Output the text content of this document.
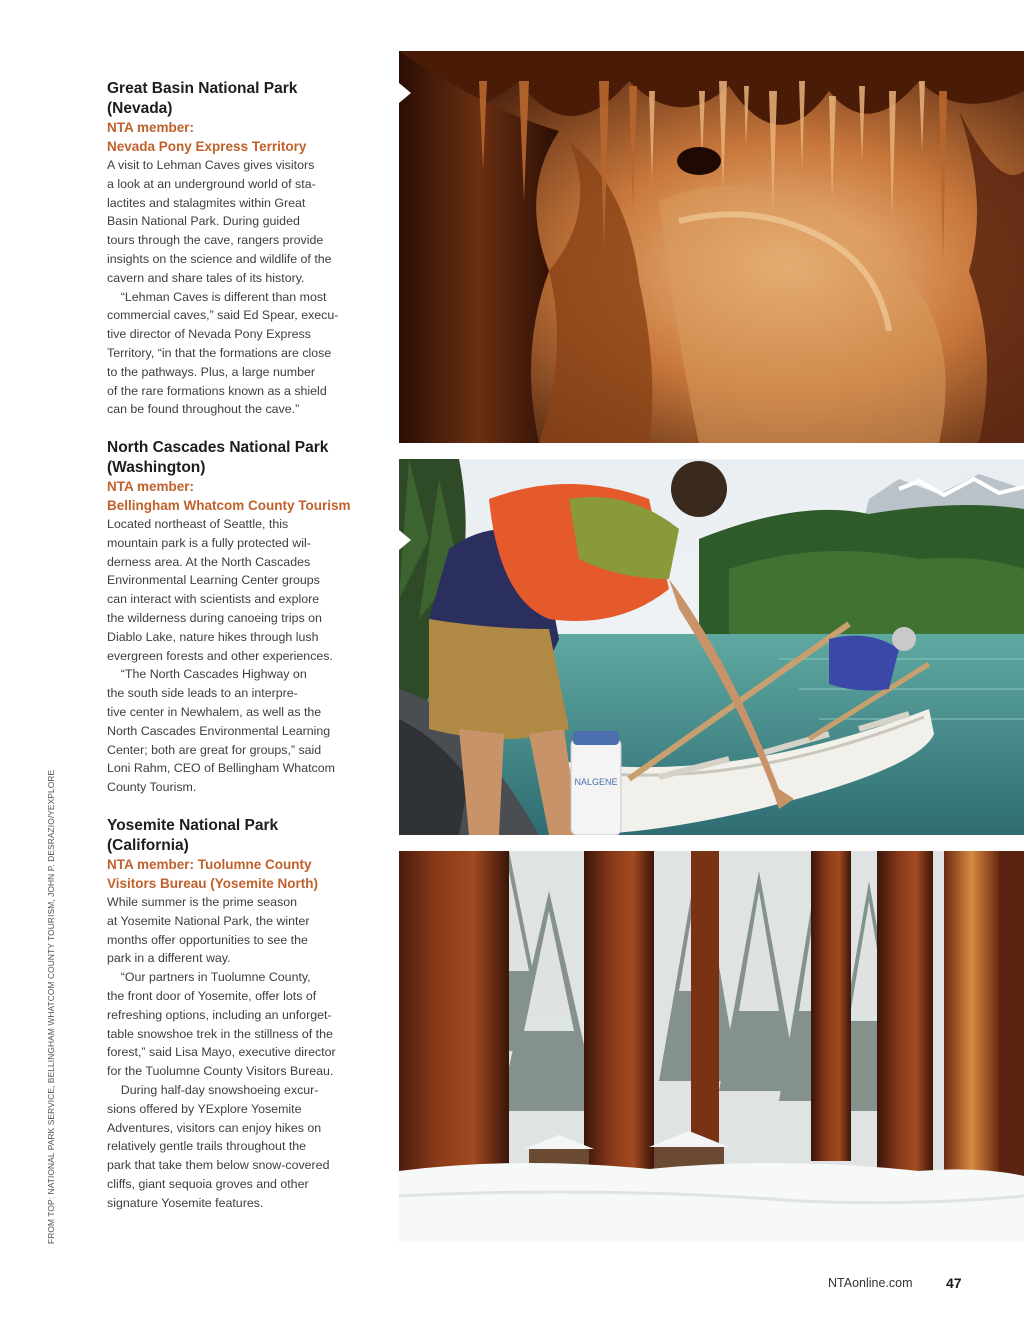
Great Basin National Park

(Nevada)

NTA member:

Nevada Pony Express Territory

A visit to Lehman Caves gives visitors

a look at an underground world of sta-

lactites and stalagmites within Great

Basin National Park. During guided

tours through the cave, rangers provide

insights on the science and wildlife of the

cavern and share tales of its history.

“Lehman Caves is different than most

commercial caves,” said Ed Spear, execu-

tive director of Nevada Pony Express

Territory, “in that the formations are close

to the pathways. Plus, a large number

of the rare formations known as a shield

can be found throughout the cave.”

North Cascades National Park

(Washington)

NTA member:

Bellingham Whatcom County Tourism

Located northeast of Seattle, this

mountain park is a fully protected wil-

derness area. At the North Cascades

Environmental Learning Center groups

can interact with scientists and explore

the wilderness during canoeing trips on

Diablo Lake, nature hikes through lush

evergreen forests and other experiences.

“The North Cascades Highway on

the south side leads to an interpre-

tive center in Newhalem, as well as the

North Cascades Environmental Learning

Center; both are great for groups,” said

Loni Rahm, CEO of Bellingham Whatcom

County Tourism.

Yosemite National Park

(California)

NTA member: Tuolumne County

Visitors Bureau (Yosemite North)

While summer is the prime season

at Yosemite National Park, the winter

months offer opportunities to see the

park in a different way.

“Our partners in Tuolumne County,

the front door of Yosemite, offer lots of

refreshing options, including an unforget-

table snowshoe trek in the stillness of the

forest,” said Lisa Mayo, executive director

for the Tuolumne County Visitors Bureau.

During half-day snowshoeing excur-

sions offered by YExplore Yosemite

Adventures, visitors can enjoy hikes on

relatively gentle trails throughout the

park that take them below snow-covered

cliffs, giant sequoia groves and other

signature Yosemite features.

NALGENE
FROM TOP: NATIONAL PARK SERVICE, BELLINGHAM WHATCOM COUNTY TOURISM, JOHN P. DESRAZIO/YEXPLORE
NTAonline.com 47
